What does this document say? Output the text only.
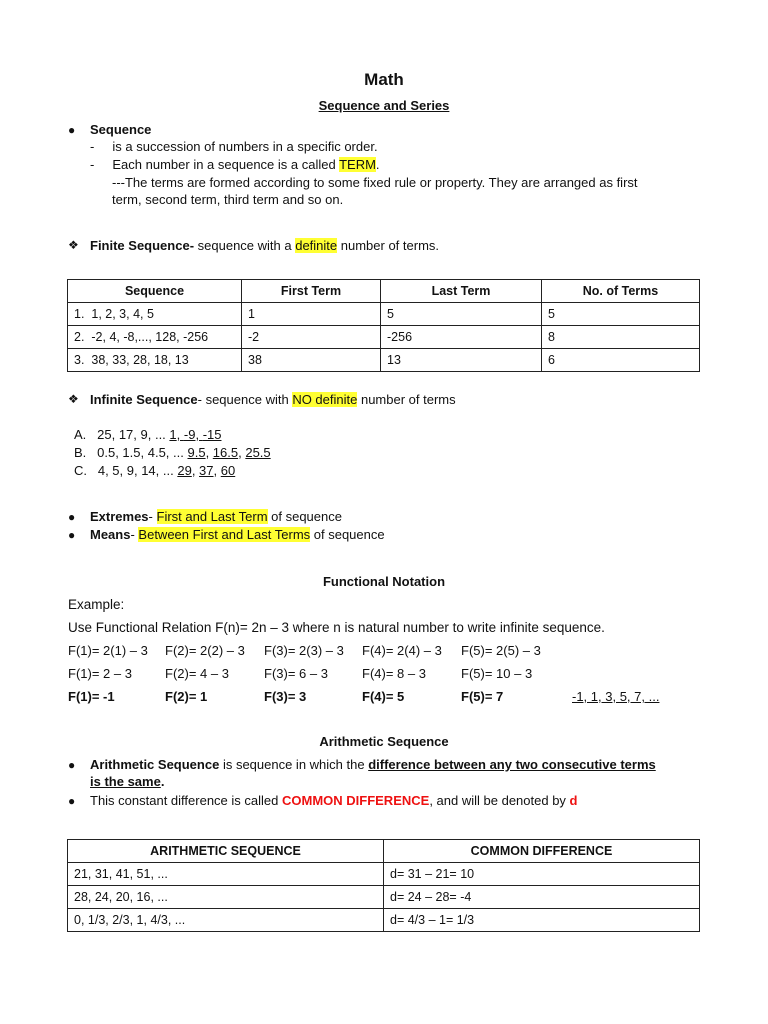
Math
Sequence and Series
● Sequence
-     is a succession of numbers in a specific order.
-     Each number in a sequence is a called TERM.
---The terms are formed according to some fixed rule or property. They are arranged as first
term, second term, third term and so on.
❖ Finite Sequence- sequence with a definite number of terms.
Sequence	First Term	Last Term	No. of Terms
1. 1, 2, 3, 4, 5	1	5	5
2. -2, 4, -8,..., 128, -256	-2	-256	8
3. 38, 33, 28, 18, 13	38	13	6
❖ Infinite Sequence- sequence with NO definite number of terms
A. 25, 17, 9, ... 1, -9, -15
B. 0.5, 1.5, 4.5, ... 9.5, 16.5, 25.5
C. 4, 5, 9, 14, ... 29, 37, 60
● Extremes- First and Last Term of sequence
● Means- Between First and Last Terms of sequence
Functional Notation
Example:
Use Functional Relation F(n)= 2n – 3 where n is natural number to write infinite sequence.
F(1)= 2(1) – 3 F(2)= 2(2) – 3 F(3)= 2(3) – 3 F(4)= 2(4) – 3 F(5)= 2(5) – 3
F(1)= 2 – 3	F(2)= 4 – 3	F(3)= 6 – 3	F(4)= 8 – 3	F(5)= 10 – 3
F(1)= -1	F(2)= 1	F(3)= 3	F(4)= 5	F(5)= 7	-1, 1, 3, 5, 7, ...
Arithmetic Sequence
● Arithmetic Sequence is sequence in which the difference between any two consecutive terms
is the same.
● This constant difference is called COMMON DIFFERENCE, and will be denoted by d
ARITHMETIC SEQUENCE	COMMON DIFFERENCE
21, 31, 41, 51, ...	d= 31 – 21= 10
28, 24, 20, 16, ...	d= 24 – 28= -4
0, 1/3, 2/3, 1, 4/3, ...	d= 4/3 – 1= 1/3
